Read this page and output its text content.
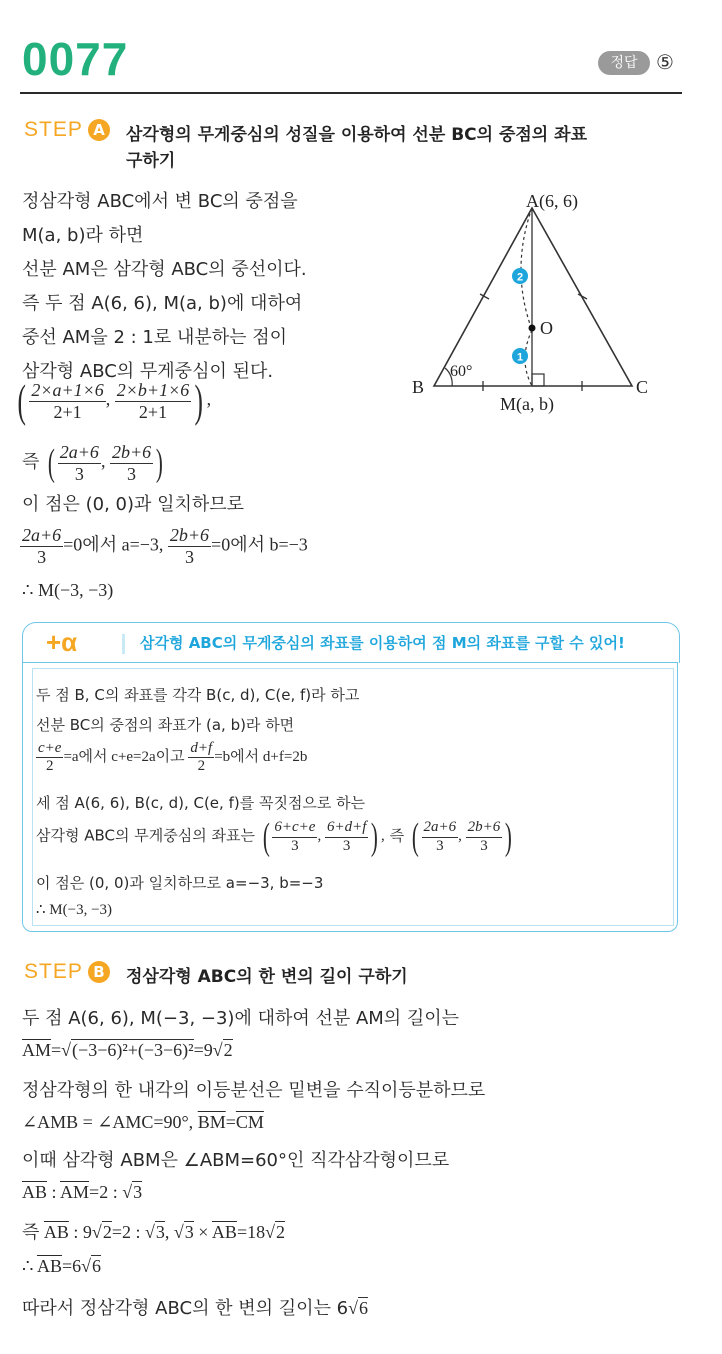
0077	정답 ⑤
STEP A	삼각형의 무게중심의 성질을 이용하여 선분 BC의 중점의 좌표
구하기
정삼각형 ABC에서 변 BC의 중점을
M(a, b)라 하면
선분 AM은 삼각형 ABC의 중선이다.
즉 두 점 A(6, 6), M(a, b)에 대하여
중선 AM을 2 : 1로 내분하는 점이
삼각형 ABC의 무게중심이 된다.
( $\frac{2\times a+1\times 6}{2+1}$ , $\frac{2\times b+1\times 6}{2+1}$ ) ,
즉 ( $\frac{2a+6}{3}$ , $\frac{2b+6}{3}$ )
이 점은 (0, 0)과 일치하므로
$\frac{2a+6}{3} =0$에서 a=−3, $\frac{2b+6}{3} =0$에서 b=−3
∴ M(−3, −3)
2
1
A(6, 6)
B	C
M(a, b)
O
60°
+α	삼각형 ABC의 무게중심의 좌표를 이용하여 점 M의 좌표를 구할 수 있어!
두 점 B, C의 좌표를 각각 B(c, d), C(e, f)라 하고
선분 BC의 중점의 좌표가 (a, b)라 하면
$\frac{c+e}{2} =a$에서 c+e=2a이고 $\frac{d+f}{2} =b$에서 d+f=2b
세 점 A(6, 6), B(c, d), C(e, f)를 꼭짓점으로 하는
삼각형 ABC의 무게중심의 좌표는 ( $\frac{6+c+e}{3}$ , $\frac{6+d+f}{3}$ ) , 즉 ( $\frac{2a+6}{3}$ , $\frac{2b+6}{3}$ )
이 점은 (0, 0)과 일치하므로 a=−3, b=−3
∴ M(−3, −3)
STEP B	정삼각형 ABC의 한 변의 길이 구하기
두 점 A(6, 6), M(−3, −3)에 대하여 선분 AM의 길이는
$\overline{AM}=√(-3-6)^2+(-3-6)^2=9√2$
정삼각형의 한 내각의 이등분선은 밑변을 수직이등분하므로
∠AMB = ∠AMC=90°, $\overline{BM}=\overline{CM}$
이때 삼각형 ABM은 ∠ABM=60°인 직각삼각형이므로
$\overline{AB}$ : $\overline{AM}=2$ : √3
즉 $\overline{AB}$ : 9√2=2 : √3, $√3 \times \overline{AB}=18√2$
∴ $\overline{AB}=6√6$
따라서 정삼각형 ABC의 한 변의 길이는 6√6
